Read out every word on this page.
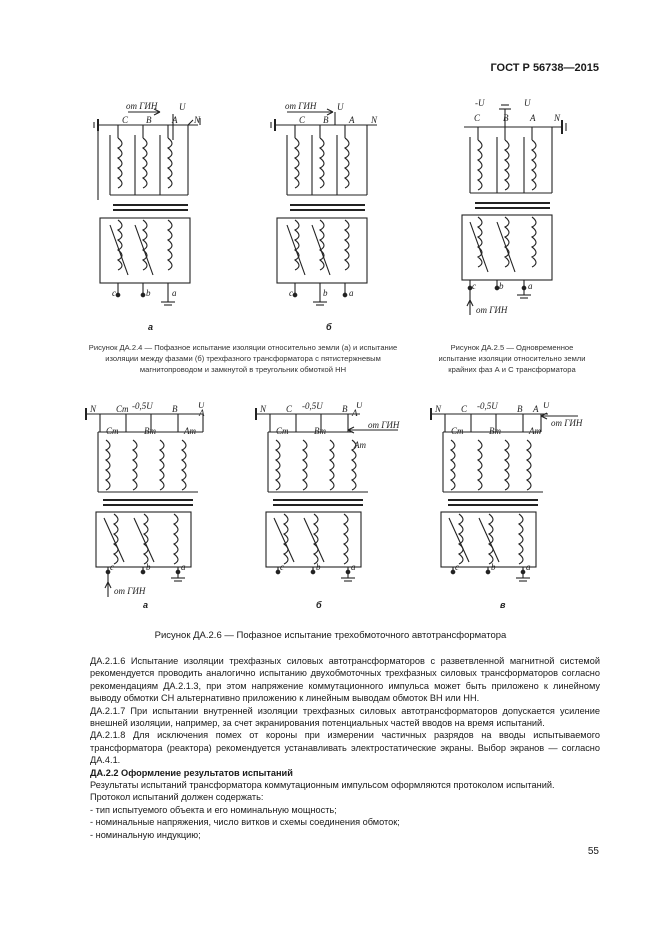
ГОСТ Р 56738—2015
от ГИН
C B A
U
N
c	b a
а
от ГИН
C B A
U
N
c	b a
б
-U	U
C	B A N
c	b	a
от ГИН
Рисунок ДА.2.4 — Пофазное испытание изоляции относительно земли (а) и испытание изоляции между фазами (б) трехфазного трансформатора с пятистержневым магнитопроводом и замкнутой в треугольник обмоткой НН
Рисунок ДА.2.5 — Одновременное испытание изоляции относительно земли крайних фаз А и С трансформатора
N Cm -0,5U B U
A
Cm	Bm	Am
c	b	a
от ГИН
а
N C -0,5U B U
A
от ГИН
Cm	Bm
Am
c	b	a
б
N C -0,5U B U
A
от ГИН
Cm	Bm	Am
c	b	a
в
Рисунок ДА.2.6 — Пофазное испытание трехобмоточного автотрансформатора

ДА.2.1.6 Испытание изоляции трехфазных силовых автотрансформаторов с разветвленной магнитной системой рекомендуется проводить аналогично испытанию двухобмоточных трехфазных силовых трансформаторов согласно рекомендациям ДА.2.1.3, при этом напряжение коммутационного импульса может быть приложено к линейному выводу обмотки СН альтернативно приложению к линейным выводам обмоток ВН или НН.

ДА.2.1.7 При испытании внутренней изоляции трехфазных силовых автотрансформаторов допускается усиление внешней изоляции, например, за счет экранирования потенциальных частей вводов на время испытаний.

ДА.2.1.8 Для исключения помех от короны при измерении частичных разрядов на вводы испытываемого трансформатора (реактора) рекомендуется устанавливать электростатические экраны. Выбор экранов — согласно ДА.4.1.

ДА.2.2 Оформление результатов испытаний

Результаты испытаний трансформатора коммутационным импульсом оформляются протоколом испытаний.

Протокол испытаний должен содержать:

- тип испытуемого объекта и его номинальную мощность;
- номинальные напряжения, число витков и схемы соединения обмоток;
- номинальную индукцию;
55
